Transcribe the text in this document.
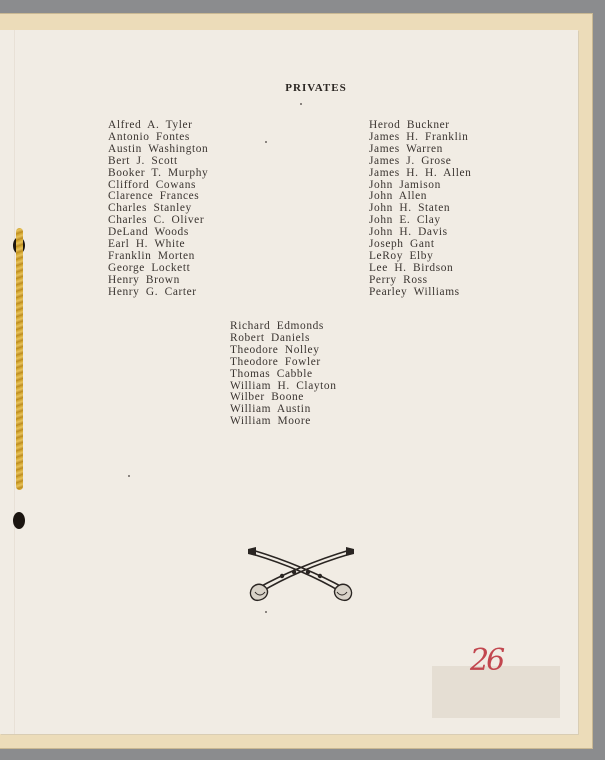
PRIVATES
Alfred A. Tyler
Antonio Fontes
Austin Washington
Bert J. Scott
Booker T. Murphy
Clifford Cowans
Clarence Frances
Charles Stanley
Charles C. Oliver
DeLand Woods
Earl H. White
Franklin Morten
George Lockett
Henry Brown
Henry G. Carter
Herod Buckner
James H. Franklin
James Warren
James J. Grose
James H. H. Allen
John Jamison
John Allen
John H. Staten
John E. Clay
John H. Davis
Joseph Gant
LeRoy Elby
Lee H. Birdson
Perry Ross
Pearley Williams
Richard Edmonds
Robert Daniels
Theodore Nolley
Theodore Fowler
Thomas Cabble
William H. Clayton
Wilber Boone
William Austin
William Moore
26
